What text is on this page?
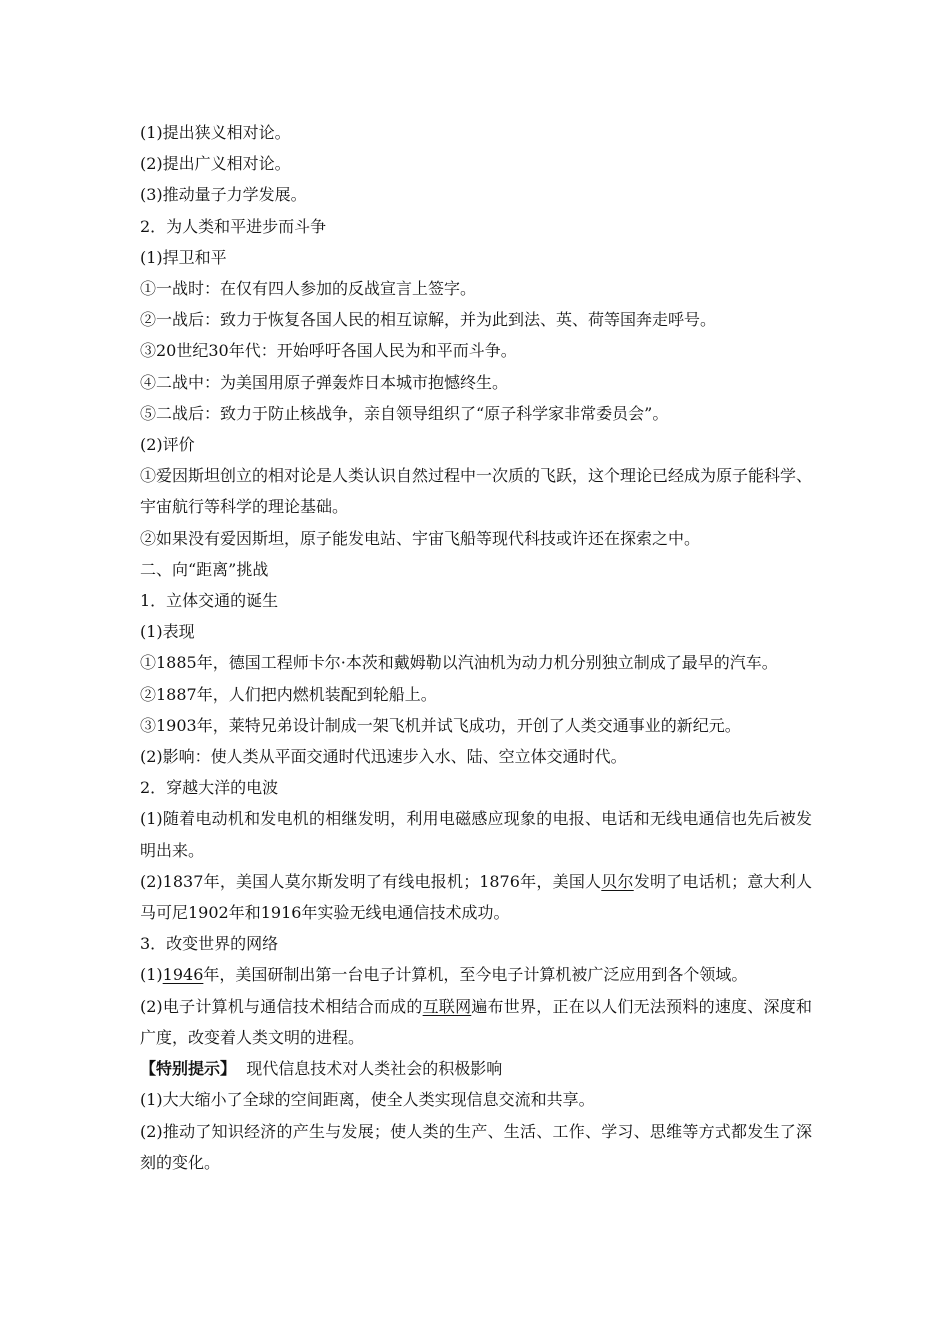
(1)提出狭义相对论。

(2)提出广义相对论。

(3)推动量子力学发展。

2．为人类和平进步而斗争

(1)捍卫和平

①一战时：在仅有四人参加的反战宣言上签字。

②一战后：致力于恢复各国人民的相互谅解，并为此到法、英、荷等国奔走呼号。

③20世纪30年代：开始呼吁各国人民为和平而斗争。

④二战中：为美国用原子弹轰炸日本城市抱憾终生。

⑤二战后：致力于防止核战争，亲自领导组织了“原子科学家非常委员会”。

(2)评价

①爱因斯坦创立的相对论是人类认识自然过程中一次质的飞跃，这个理论已经成为原子能科学、宇宙航行等科学的理论基础。

②如果没有爱因斯坦，原子能发电站、宇宙飞船等现代科技或许还在探索之中。

二、向“距离”挑战

1．立体交通的诞生

(1)表现

①1885年，德国工程师卡尔·本茨和戴姆勒以汽油机为动力机分别独立制成了最早的汽车。

②1887年，人们把内燃机装配到轮船上。

③1903年，莱特兄弟设计制成一架飞机并试飞成功，开创了人类交通事业的新纪元。

(2)影响：使人类从平面交通时代迅速步入水、陆、空立体交通时代。

2．穿越大洋的电波

(1)随着电动机和发电机的相继发明，利用电磁感应现象的电报、电话和无线电通信也先后被发明出来。

(2)1837年，美国人莫尔斯发明了有线电报机；1876年，美国人贝尔发明了电话机；意大利人马可尼1902年和1916年实验无线电通信技术成功。

3．改变世界的网络

(1)1946年，美国研制出第一台电子计算机，至今电子计算机被广泛应用到各个领域。

(2)电子计算机与通信技术相结合而成的互联网遍布世界，正在以人们无法预料的速度、深度和广度，改变着人类文明的进程。

【特别提示】 现代信息技术对人类社会的积极影响

(1)大大缩小了全球的空间距离，使全人类实现信息交流和共享。

(2)推动了知识经济的产生与发展；使人类的生产、生活、工作、学习、思维等方式都发生了深刻的变化。
